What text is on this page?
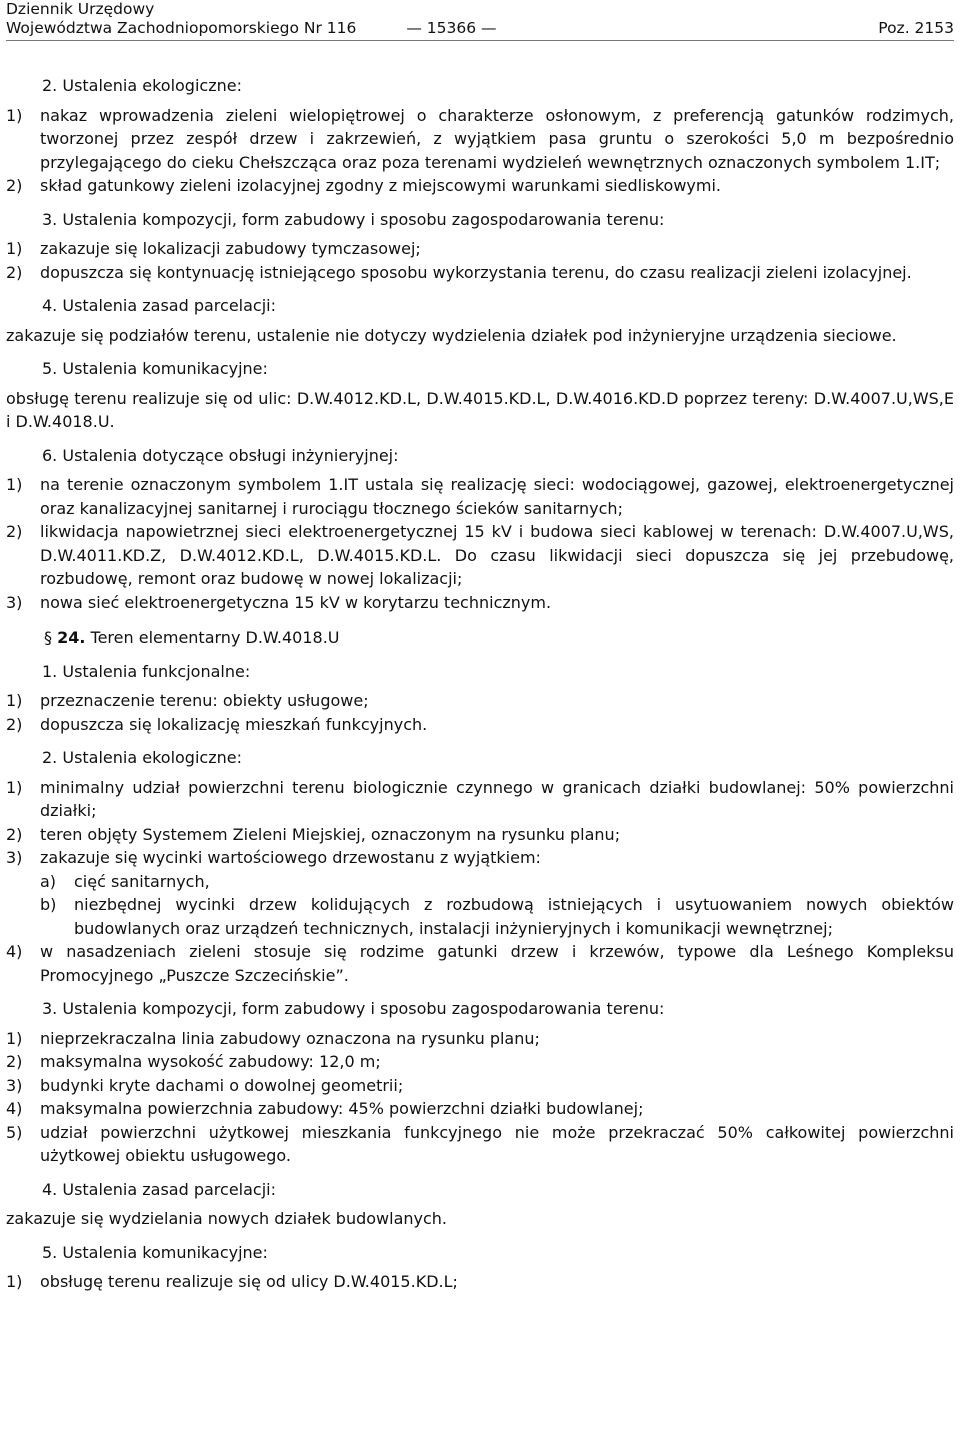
Dziennik Urzędowy
Województwa Zachodniopomorskiego Nr 116	— 15366 —	Poz. 2153
2. Ustalenia ekologiczne:
1)	nakaz wprowadzenia zieleni wielopiętrowej o charakterze osłonowym, z preferencją gatunków rodzimych, tworzonej przez zespół drzew i zakrzewień, z wyjątkiem pasa gruntu o szerokości 5,0 m bezpośrednio przylegającego do cieku Chełszcząca oraz poza terenami wydzieleń wewnętrznych oznaczonych symbolem 1.IT;
2)	skład gatunkowy zieleni izolacyjnej zgodny z miejscowymi warunkami siedliskowymi.
3. Ustalenia kompozycji, form zabudowy i sposobu zagospodarowania terenu:
1)	zakazuje się lokalizacji zabudowy tymczasowej;
2)	dopuszcza się kontynuację istniejącego sposobu wykorzystania terenu, do czasu realizacji zieleni izolacyjnej.
4. Ustalenia zasad parcelacji:
zakazuje się podziałów terenu, ustalenie nie dotyczy wydzielenia działek pod inżynieryjne urządzenia sieciowe.
5. Ustalenia komunikacyjne:
obsługę terenu realizuje się od ulic: D.W.4012.KD.L, D.W.4015.KD.L, D.W.4016.KD.D poprzez tereny: D.W.4007.U,WS,E i D.W.4018.U.
6. Ustalenia dotyczące obsługi inżynieryjnej:
1)	na terenie oznaczonym symbolem 1.IT ustala się realizację sieci: wodociągowej, gazowej, elektroenergetycznej oraz kanalizacyjnej sanitarnej i rurociągu tłocznego ścieków sanitarnych;
2)	likwidacja napowietrznej sieci elektroenergetycznej 15 kV i budowa sieci kablowej w terenach: D.W.4007.U,WS, D.W.4011.KD.Z, D.W.4012.KD.L, D.W.4015.KD.L. Do czasu likwidacji sieci dopuszcza się jej przebudowę, rozbudowę, remont oraz budowę w nowej lokalizacji;
3)	nowa sieć elektroenergetyczna 15 kV w korytarzu technicznym.
§ 24. Teren elementarny D.W.4018.U
1. Ustalenia funkcjonalne:
1)	przeznaczenie terenu: obiekty usługowe;
2)	dopuszcza się lokalizację mieszkań funkcyjnych.
2. Ustalenia ekologiczne:
1)	minimalny udział powierzchni terenu biologicznie czynnego w granicach działki budowlanej: 50% powierzchni działki;
2)	teren objęty Systemem Zieleni Miejskiej, oznaczonym na rysunku planu;
3)	zakazuje się wycinki wartościowego drzewostanu z wyjątkiem:
a)	cięć sanitarnych,
b)	niezbędnej wycinki drzew kolidujących z rozbudową istniejących i usytuowaniem nowych obiektów budowlanych oraz urządzeń technicznych, instalacji inżynieryjnych i komunikacji wewnętrznej;
4)	w nasadzeniach zieleni stosuje się rodzime gatunki drzew i krzewów, typowe dla Leśnego Kompleksu Promocyjnego „Puszcze Szczecińskie”.
3. Ustalenia kompozycji, form zabudowy i sposobu zagospodarowania terenu:
1)	nieprzekraczalna linia zabudowy oznaczona na rysunku planu;
2)	maksymalna wysokość zabudowy: 12,0 m;
3)	budynki kryte dachami o dowolnej geometrii;
4)	maksymalna powierzchnia zabudowy: 45% powierzchni działki budowlanej;
5)	udział powierzchni użytkowej mieszkania funkcyjnego nie może przekraczać 50% całkowitej powierzchni użytkowej obiektu usługowego.
4. Ustalenia zasad parcelacji:
zakazuje się wydzielania nowych działek budowlanych.
5. Ustalenia komunikacyjne:
1)	obsługę terenu realizuje się od ulicy D.W.4015.KD.L;
